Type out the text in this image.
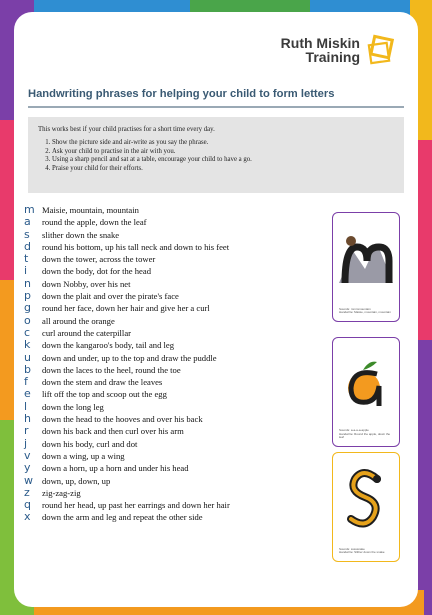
Ruth Miskin
Training
Handwriting phrases for helping your child to form letters

This works best if your child practises for a short time every day.

1. Show the picture side and air-write as you say the phrase.
2. Ask your child to practise in the air with you.
3. Using a sharp pencil and sat at a table, encourage your child to have a go.
4. Praise your child for their efforts.
m Maisie, mountain, mountain
a	round the apple, down the leaf
s	slither down the snake
d	round his bottom, up his tall neck and down to his feet
t	down the tower, across the tower
i	down the body, dot for the head
n	down Nobby, over his net
p	down the plait and over the pirate's face
g	round her face, down her hair and give her a curl
o	all around the orange
c	curl around the caterpillar
k	down the kangaroo's body, tail and leg
u	down and under, up to the top and draw the puddle
b	down the laces to the heel, round the toe
f	down the stem and draw the leaves
e	lift off the top and scoop out the egg
l	down the long leg
h	down the head to the hooves and over his back
r	down his back and then curl over his arm
j	down his body, curl and dot
v	down a wing, up a wing
y	down a horn, up a horn and under his head
w	down, up, down, up
z	zig-zag-zig
q	round her head, up past her earrings and down her hair
x	down the arm and leg and repeat the other side
Sounds: mmmmountain
Handwrite: Maisie, mountain, mountain
Sounds: a-a-a-a-apple
Handwrite: Round the apple, down the leaf
Sounds: sssssnake
Handwrite: Slither down the snake
7 Sandy's Row | London | E1 7HW | 01275 331 230 | ruthmiskin.com
